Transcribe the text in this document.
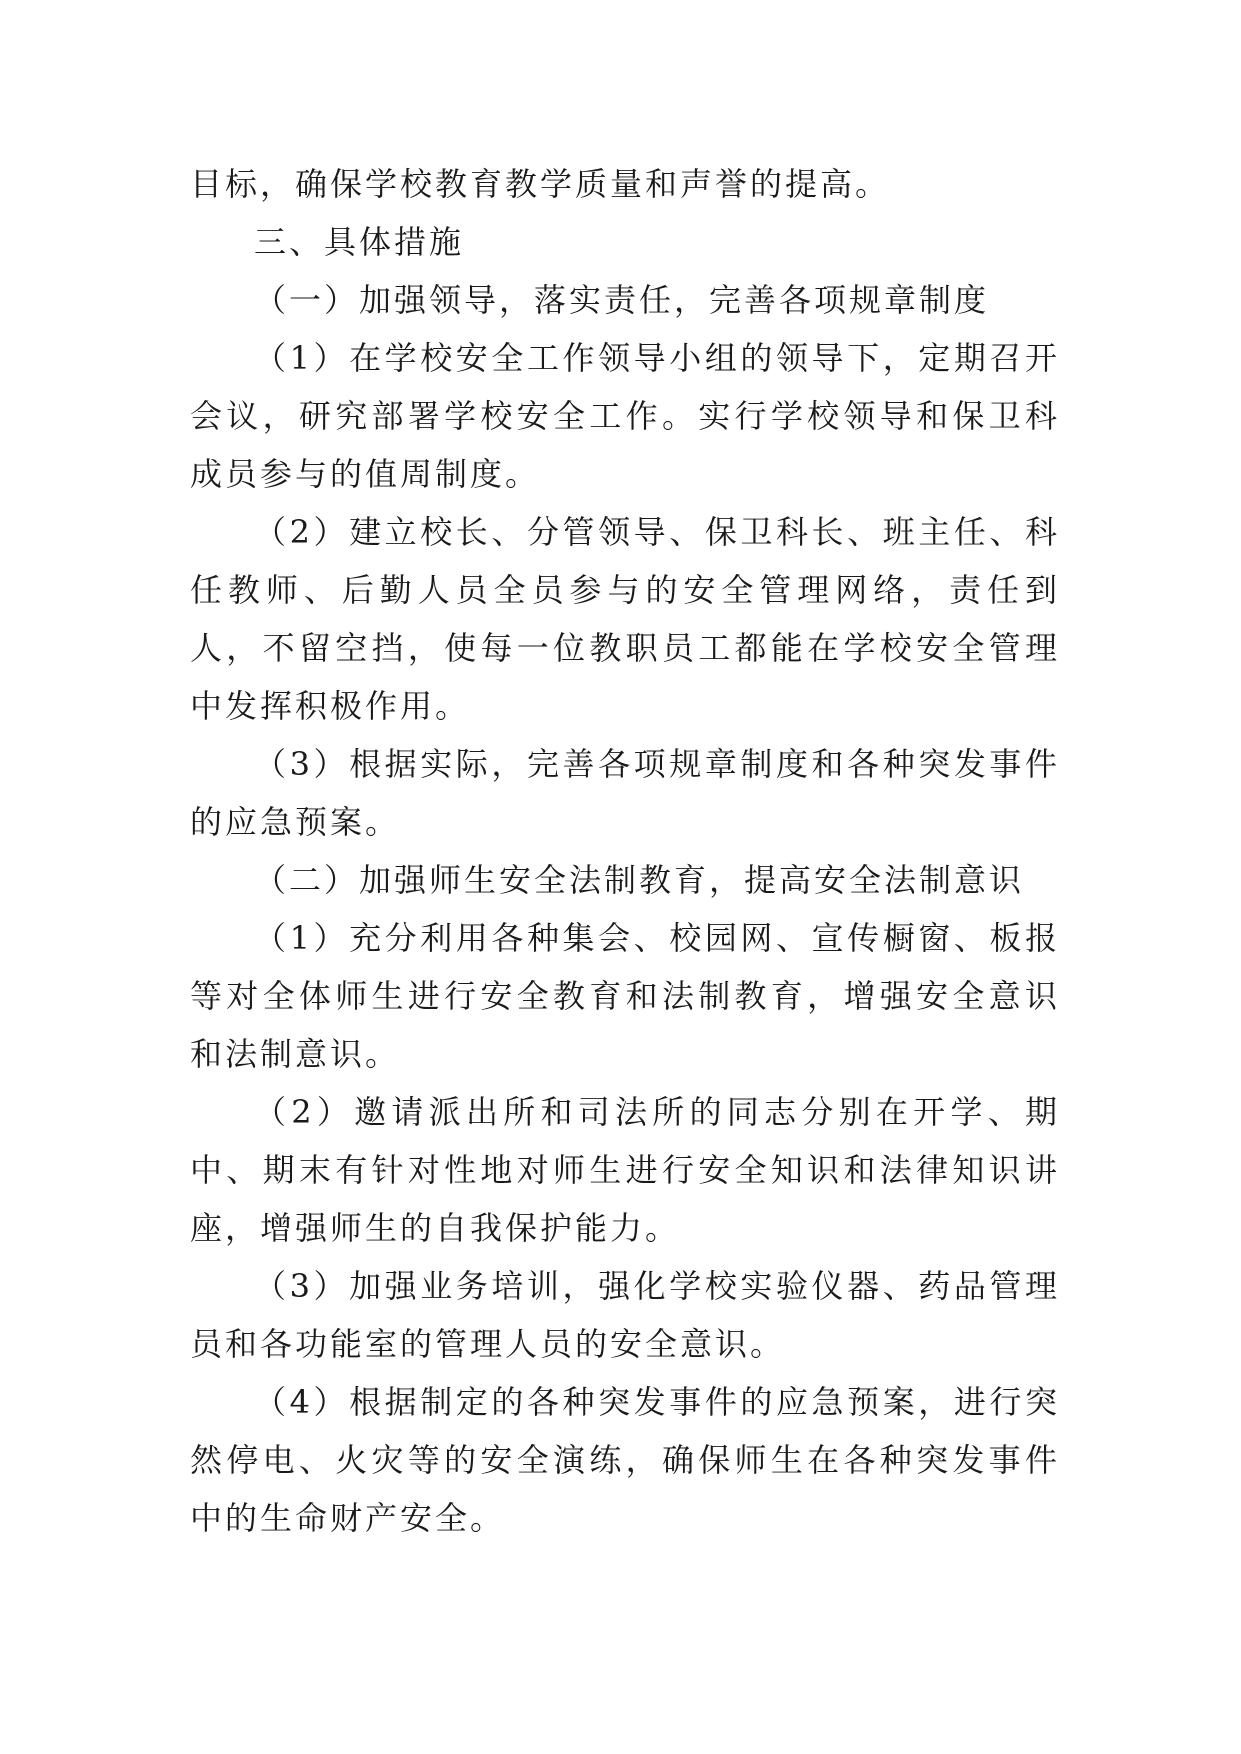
目标，确保学校教育教学质量和声誉的提高。

三、具体措施

（一）加强领导，落实责任，完善各项规章制度

（1）在学校安全工作领导小组的领导下，定期召开会议，研究部署学校安全工作。实行学校领导和保卫科成员参与的值周制度。

（2）建立校长、分管领导、保卫科长、班主任、科任教师、后勤人员全员参与的安全管理网络，责任到人，不留空挡，使每一位教职员工都能在学校安全管理中发挥积极作用。

（3）根据实际，完善各项规章制度和各种突发事件的应急预案。

（二）加强师生安全法制教育，提高安全法制意识

（1）充分利用各种集会、校园网、宣传橱窗、板报等对全体师生进行安全教育和法制教育，增强安全意识和法制意识。

（2）邀请派出所和司法所的同志分别在开学、期中、期末有针对性地对师生进行安全知识和法律知识讲座，增强师生的自我保护能力。

（3）加强业务培训，强化学校实验仪器、药品管理员和各功能室的管理人员的安全意识。

（4）根据制定的各种突发事件的应急预案，进行突然停电、火灾等的安全演练，确保师生在各种突发事件中的生命财产安全。
